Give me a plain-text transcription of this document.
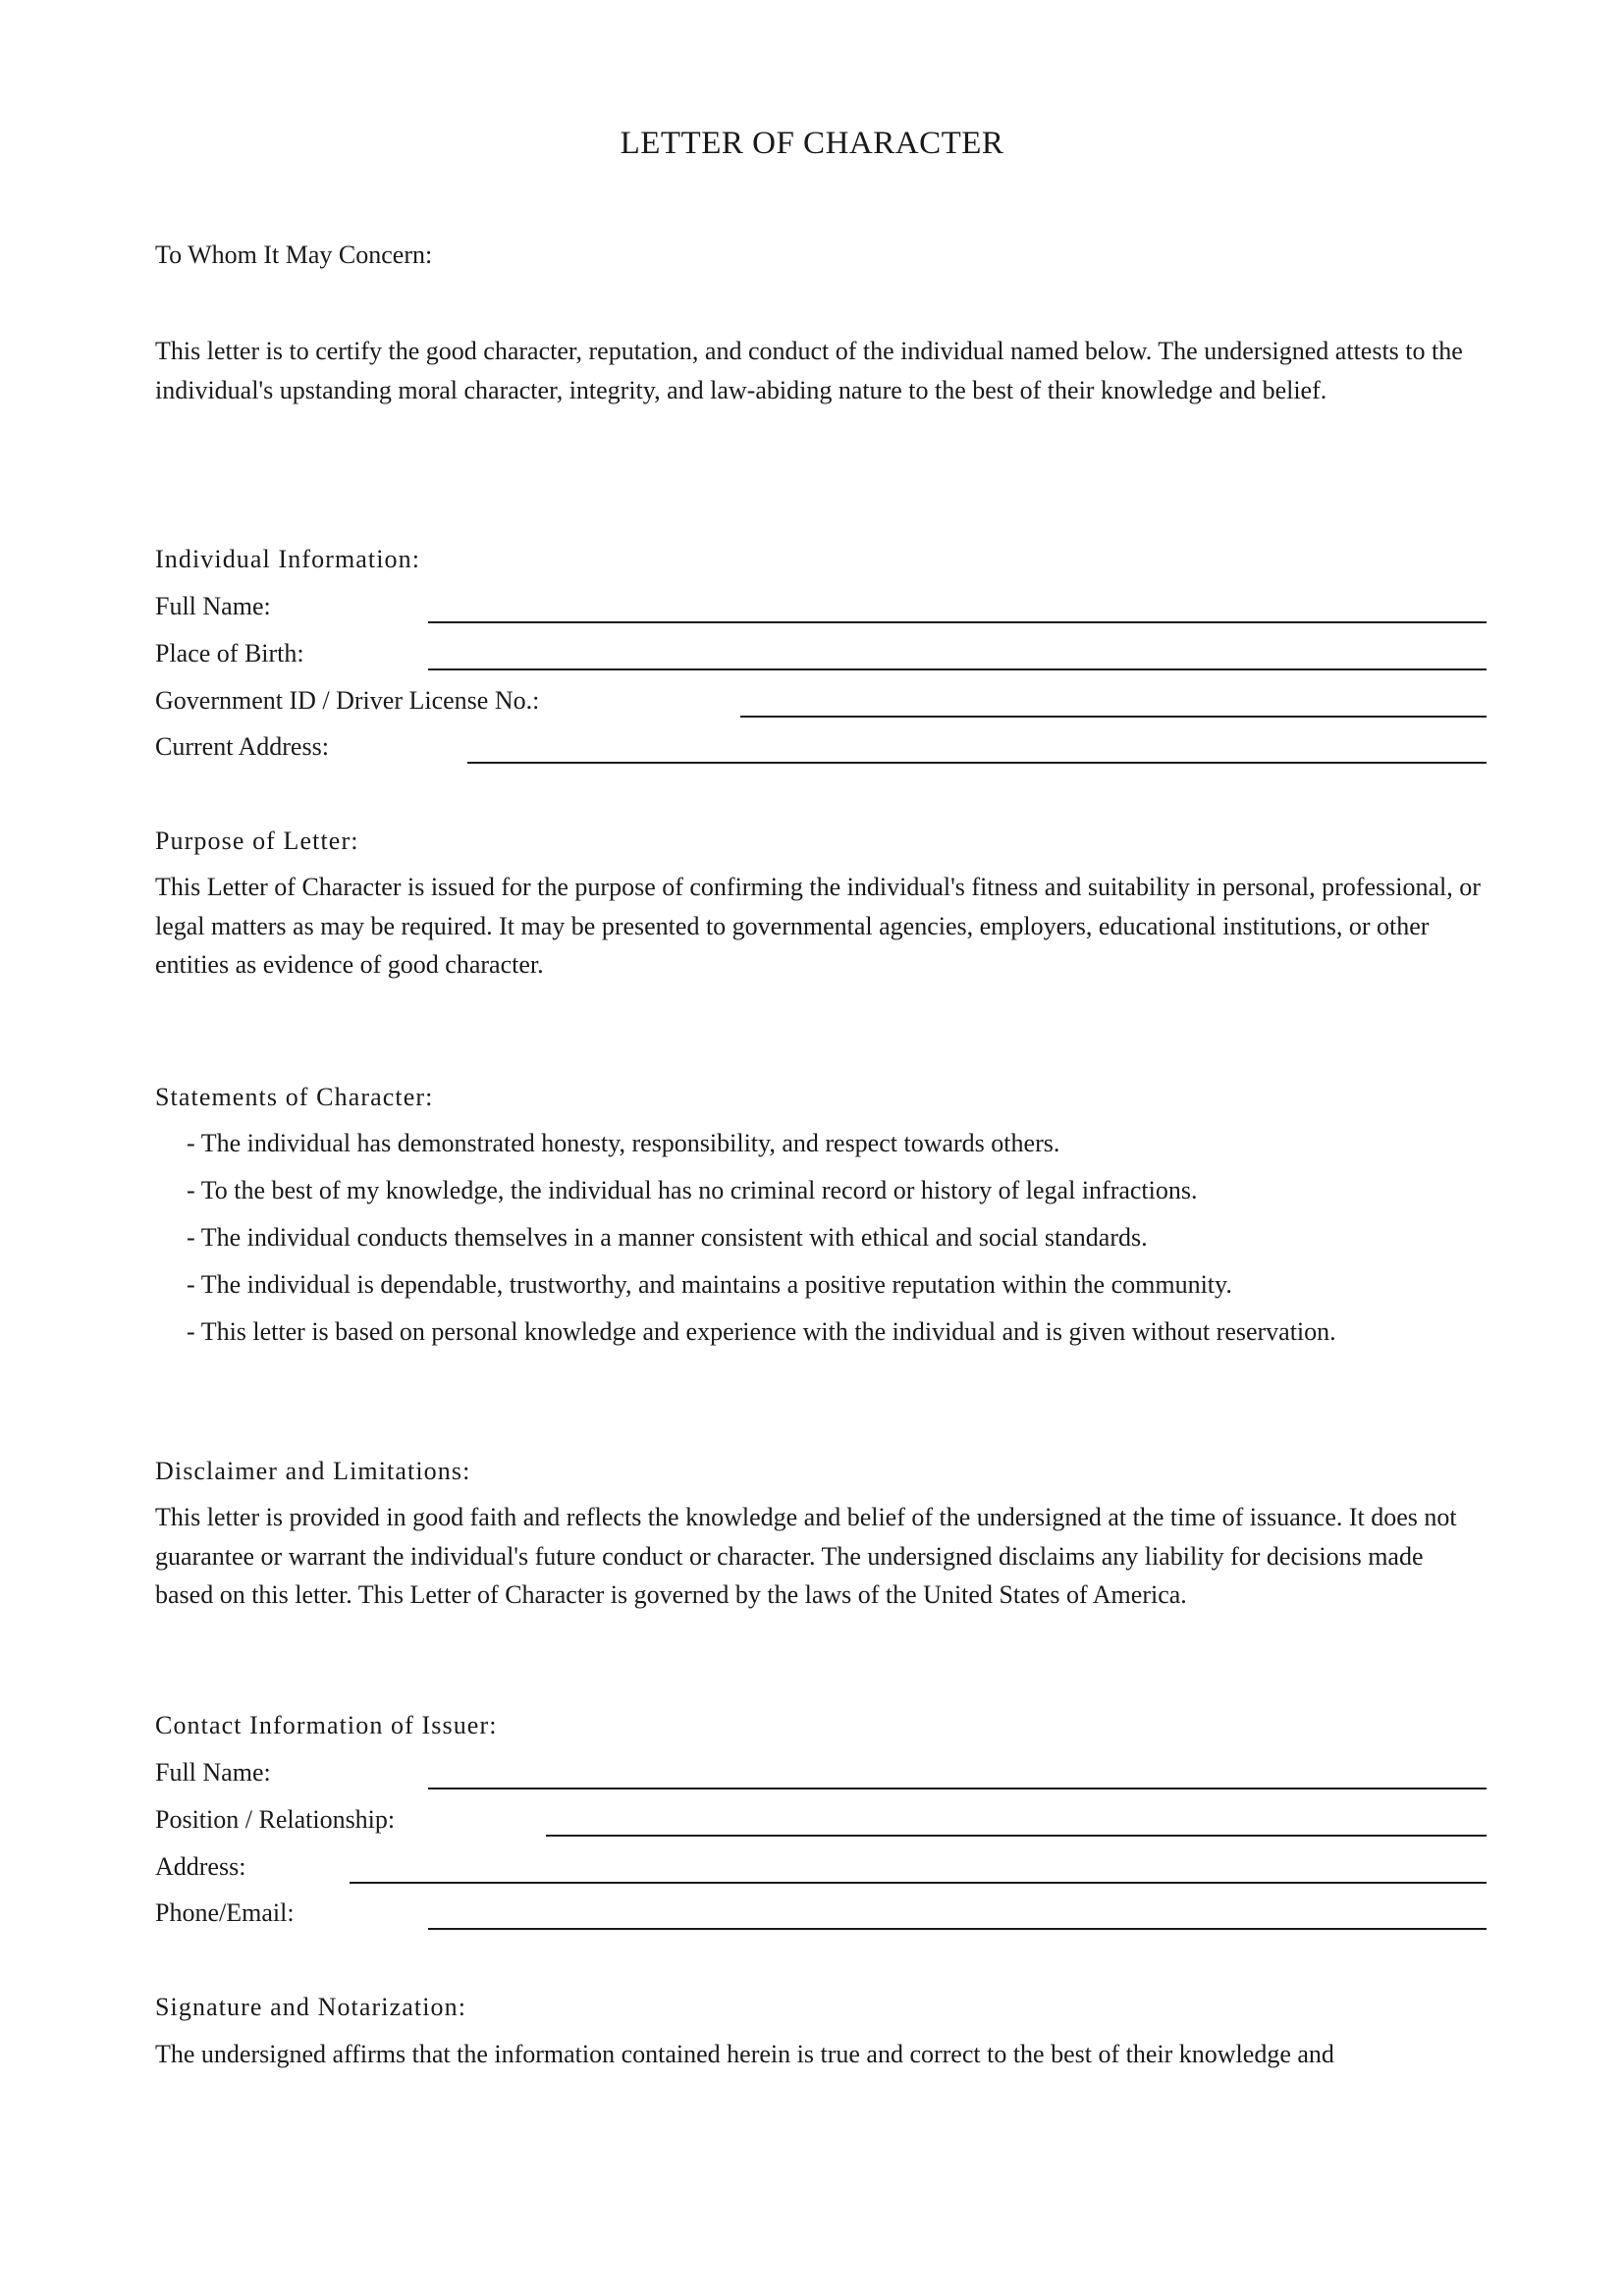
LETTER OF CHARACTER

To Whom It May Concern:

This letter is to certify the good character, reputation, and conduct of the individual named below. The undersigned attests to the individual's upstanding moral character, integrity, and law-abiding nature to the best of their knowledge and belief.

Individual Information:

Full Name:

Place of Birth:

Government ID / Driver License No.:

Current Address:

Purpose of Letter:

This Letter of Character is issued for the purpose of confirming the individual's fitness and suitability in personal, professional, or legal matters as may be required. It may be presented to governmental agencies, employers, educational institutions, or other entities as evidence of good character.

Statements of Character:

- The individual has demonstrated honesty, responsibility, and respect towards others.

- To the best of my knowledge, the individual has no criminal record or history of legal infractions.

- The individual conducts themselves in a manner consistent with ethical and social standards.

- The individual is dependable, trustworthy, and maintains a positive reputation within the community.

- This letter is based on personal knowledge and experience with the individual and is given without reservation.

Disclaimer and Limitations:

This letter is provided in good faith and reflects the knowledge and belief of the undersigned at the time of issuance. It does not guarantee or warrant the individual's future conduct or character. The undersigned disclaims any liability for decisions made based on this letter. This Letter of Character is governed by the laws of the United States of America.

Contact Information of Issuer:

Full Name:

Position / Relationship:

Address:

Phone/Email:

Signature and Notarization:

The undersigned affirms that the information contained herein is true and correct to the best of their knowledge and
